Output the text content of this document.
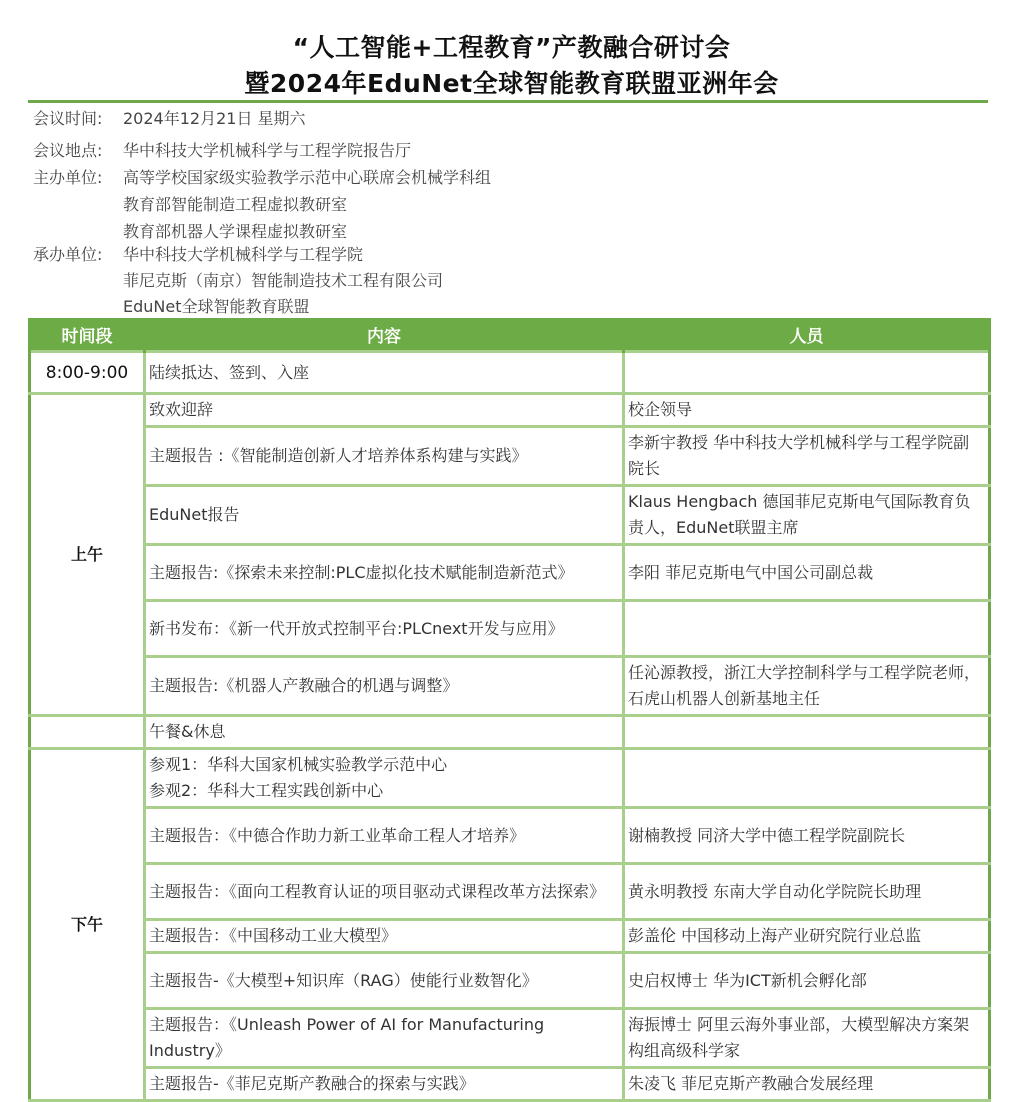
“人工智能+工程教育”产教融合研讨会
暨2024年EduNet全球智能教育联盟亚洲年会
会议时间: 2024年12月21日 星期六
会议地点: 华中科技大学机械科学与工程学院报告厅
主办单位: 高等学校国家级实验教学示范中心联席会机械学科组
教育部智能制造工程虚拟教研室
教育部机器人学课程虚拟教研室
承办单位: 华中科技大学机械科学与工程学院
菲尼克斯（南京）智能制造技术工程有限公司
EduNet全球智能教育联盟
时间段	内容	人员
8:00-9:00	陆续抵达、签到、入座	
上午	致欢迎辞	校企领导
	主题报告 :《智能制造创新人才培养体系构建与实践》	李新宇教授 华中科技大学机械科学与工程学院副院长
	EduNet报告	Klaus Hengbach 德国菲尼克斯电气国际教育负责人，EduNet联盟主席
	主题报告:《探索未来控制:PLC虚拟化技术赋能制造新范式》	李阳 菲尼克斯电气中国公司副总裁
	新书发布：《新一代开放式控制平台:PLCnext开发与应用》	
	主题报告:《机器人产教融合的机遇与调整》	任沁源教授，浙江大学控制科学与工程学院老师，石虎山机器人创新基地主任
	午餐&休息	
下午	参观1：华科大国家机械实验教学示范中心
参观2：华科大工程实践创新中心	

	主题报告：《中德合作助力新工业革命工程人才培养》	谢楠教授 同济大学中德工程学院副院长
	主题报告：《面向工程教育认证的项目驱动式课程改革方法探索》	黄永明教授 东南大学自动化学院院长助理
	主题报告：《中国移动工业大模型》	彭盖伦 中国移动上海产业研究院行业总监
	主题报告-《大模型+知识库（RAG）使能行业数智化》	史启权博士 华为ICT新机会孵化部
	主题报告：《Unleash Power of AI for Manufacturing Industry》	海振博士 阿里云海外事业部，大模型解决方案架构组高级科学家
	主题报告-《菲尼克斯产教融合的探索与实践》	朱凌飞 菲尼克斯产教融合发展经理
